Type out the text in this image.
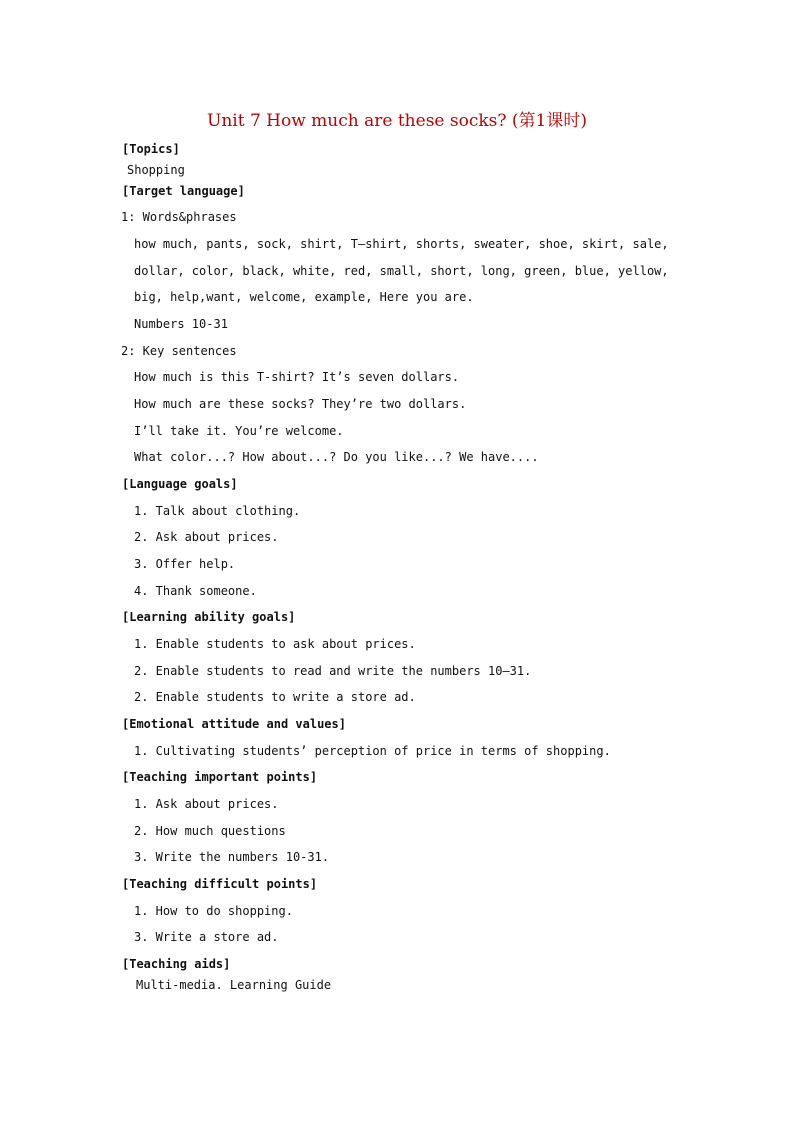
Unit 7 How much are these socks? (第1课时)
[Topics]
Shopping
[Target language]
1: Words&phrases
how much, pants, sock, shirt, T—shirt, shorts, sweater, shoe, skirt, sale,
dollar, color, black, white, red, small, short, long, green, blue, yellow,
big, help,want, welcome, example, Here you are.
Numbers 10-31
2: Key sentences
How much is this T-shirt? It’s seven dollars.
How much are these socks? They’re two dollars.
I’ll take it. You’re welcome.
What color...? How about...? Do you like...? We have....
[Language goals]
1. Talk about clothing.
2. Ask about prices.
3. Offer help.
4. Thank someone.
[Learning ability goals]
1. Enable students to ask about prices.
2. Enable students to read and write the numbers 10—31.
2. Enable students to write a store ad.
[Emotional attitude and values]
1. Cultivating students’ perception of price in terms of shopping.
[Teaching important points]
1. Ask about prices.
2. How much questions
3. Write the numbers 10-31.
[Teaching difficult points]
1. How to do shopping.
3. Write a store ad.
[Teaching aids]
Multi-media. Learning Guide
